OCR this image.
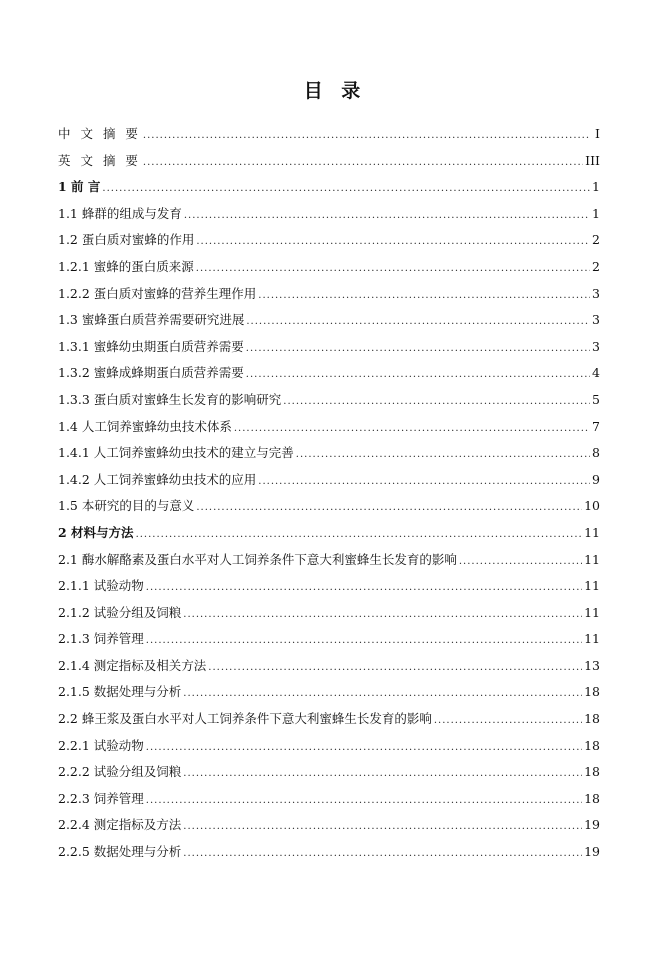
目 录
中 文 摘 要 .....	I
英 文 摘 要 .....	III
1 前 言 .....	1
1.1 蜂群的组成与发育 .....	1
1.2 蛋白质对蜜蜂的作用 .....	2
1.2.1 蜜蜂的蛋白质来源 .....	2
1.2.2 蛋白质对蜜蜂的营养生理作用 .....	3
1.3 蜜蜂蛋白质营养需要研究进展 .....	3
1.3.1 蜜蜂幼虫期蛋白质营养需要 .....	3
1.3.2 蜜蜂成蜂期蛋白质营养需要 .....	4
1.3.3 蛋白质对蜜蜂生长发育的影响研究 .....	5
1.4 人工饲养蜜蜂幼虫技术体系 .....	7
1.4.1 人工饲养蜜蜂幼虫技术的建立与完善 .....	8
1.4.2 人工饲养蜜蜂幼虫技术的应用 .....	9
1.5 本研究的目的与意义 .....	10
2 材料与方法 .....	11
2.1 酶水解酪素及蛋白水平对人工饲养条件下意大利蜜蜂生长发育的影响 .....	11
2.1.1 试验动物 .....	11
2.1.2 试验分组及饲粮 .....	11
2.1.3 饲养管理 .....	11
2.1.4 测定指标及相关方法 .....	13
2.1.5 数据处理与分析 .....	18
2.2 蜂王浆及蛋白水平对人工饲养条件下意大利蜜蜂生长发育的影响 .....	18
2.2.1 试验动物 .....	18
2.2.2 试验分组及饲粮 .....	18
2.2.3 饲养管理 .....	18
2.2.4 测定指标及方法 .....	19
2.2.5 数据处理与分析 .....	19
